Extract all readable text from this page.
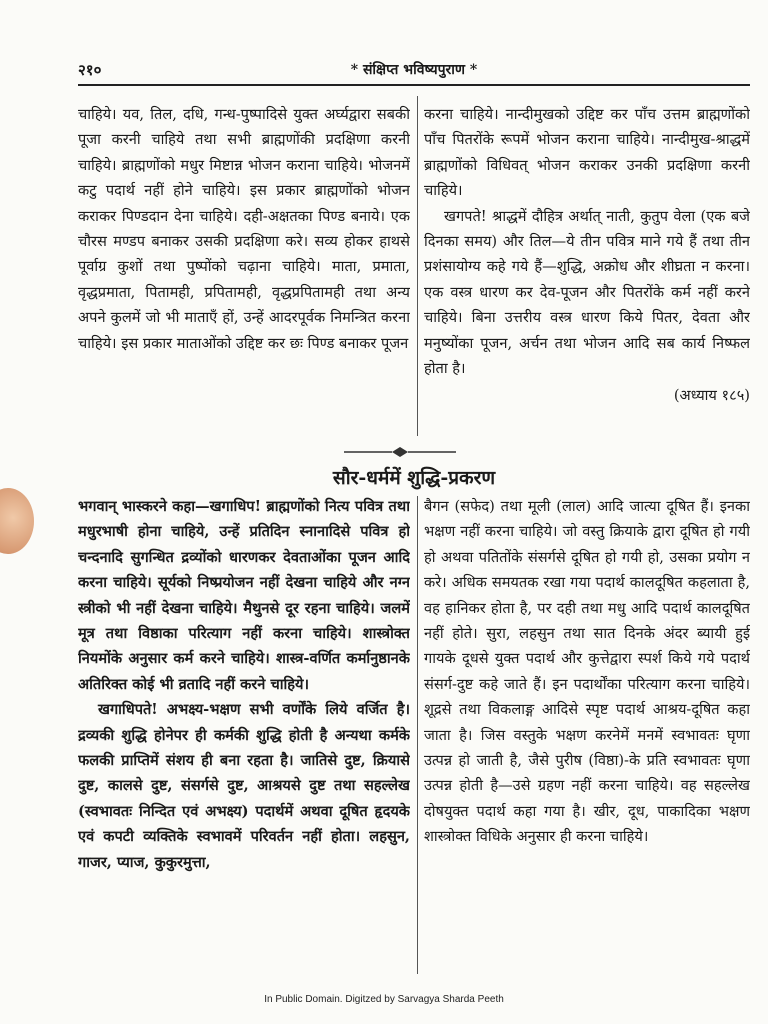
२१०	* संक्षिप्त भविष्यपुराण *

चाहिये। यव, तिल, दधि, गन्ध-पुष्पादिसे युक्त अर्घ्यद्वारा सबकी पूजा करनी चाहिये तथा सभी ब्राह्मणोंकी प्रदक्षिणा करनी चाहिये। ब्राह्मणोंको मधुर मिष्टान्न भोजन कराना चाहिये। भोजनमें कटु पदार्थ नहीं होने चाहिये। इस प्रकार ब्राह्मणोंको भोजन कराकर पिण्डदान देना चाहिये। दही-अक्षतका पिण्ड बनाये। एक चौरस मण्डप बनाकर उसकी प्रदक्षिणा करे। सव्य होकर हाथसे पूर्वाग्र कुशों तथा पुष्पोंको चढ़ाना चाहिये। माता, प्रमाता, वृद्धप्रमाता, पितामही, प्रपितामही, वृद्धप्रपितामही तथा अन्य अपने कुलमें जो भी माताएँ हों, उन्हें आदरपूर्वक निमन्त्रित करना चाहिये। इस प्रकार माताओंको उद्दिष्ट कर छः पिण्ड बनाकर पूजन

करना चाहिये। नान्दीमुखको उद्दिष्ट कर पाँच उत्तम ब्राह्मणोंको पाँच पितरोंके रूपमें भोजन कराना चाहिये। नान्दीमुख-श्राद्धमें ब्राह्मणोंको विधिवत् भोजन कराकर उनकी प्रदक्षिणा करनी चाहिये।

खगपते! श्राद्धमें दौहित्र अर्थात् नाती, कुतुप वेला (एक बजे दिनका समय) और तिल—ये तीन पवित्र माने गये हैं तथा तीन प्रशंसायोग्य कहे गये हैं—शुद्धि, अक्रोध और शीघ्रता न करना। एक वस्त्र धारण कर देव-पूजन और पितरोंके कर्म नहीं करने चाहिये। बिना उत्तरीय वस्त्र धारण किये पितर, देवता और मनुष्योंका पूजन, अर्चन तथा भोजन आदि सब कार्य निष्फल होता है।

(अध्याय १८५)
सौर-धर्ममें शुद्धि-प्रकरण

भगवान् भास्करने कहा—खगाधिप! ब्राह्मणोंको नित्य पवित्र तथा मधुरभाषी होना चाहिये, उन्हें प्रतिदिन स्नानादिसे पवित्र हो चन्दनादि सुगन्धित द्रव्योंको धारणकर देवताओंका पूजन आदि करना चाहिये। सूर्यको निष्प्रयोजन नहीं देखना चाहिये और नग्न स्त्रीको भी नहीं देखना चाहिये। मैथुनसे दूर रहना चाहिये। जलमें मूत्र तथा विष्ठाका परित्याग नहीं करना चाहिये। शास्त्रोक्त नियमोंके अनुसार कर्म करने चाहिये। शास्त्र-वर्णित कर्मानुष्ठानके अतिरिक्त कोई भी व्रतादि नहीं करने चाहिये।

खगाधिपते! अभक्ष्य-भक्षण सभी वर्णोंके लिये वर्जित है। द्रव्यकी शुद्धि होनेपर ही कर्मकी शुद्धि होती है अन्यथा कर्मके फलकी प्राप्तिमें संशय ही बना रहता है। जातिसे दुष्ट, क्रियासे दुष्ट, कालसे दुष्ट, संसर्गसे दुष्ट, आश्रयसे दुष्ट तथा सहल्लेख (स्वभावतः निन्दित एवं अभक्ष्य) पदार्थमें अथवा दूषित हृदयके एवं कपटी व्यक्तिके स्वभावमें परिवर्तन नहीं होता। लहसुन, गाजर, प्याज, कुकुरमुत्ता,

बैगन (सफेद) तथा मूली (लाल) आदि जात्या दूषित हैं। इनका भक्षण नहीं करना चाहिये। जो वस्तु क्रियाके द्वारा दूषित हो गयी हो अथवा पतितोंके संसर्गसे दूषित हो गयी हो, उसका प्रयोग न करे। अधिक समयतक रखा गया पदार्थ कालदूषित कहलाता है, वह हानिकर होता है, पर दही तथा मधु आदि पदार्थ कालदूषित नहीं होते। सुरा, लहसुन तथा सात दिनके अंदर ब्यायी हुई गायके दूधसे युक्त पदार्थ और कुत्तेद्वारा स्पर्श किये गये पदार्थ संसर्ग-दुष्ट कहे जाते हैं। इन पदार्थोंका परित्याग करना चाहिये। शूद्रसे तथा विकलाङ्ग आदिसे स्पृष्ट पदार्थ आश्रय-दूषित कहा जाता है। जिस वस्तुके भक्षण करनेमें मनमें स्वभावतः घृणा उत्पन्न हो जाती है, जैसे पुरीष (विष्ठा)-के प्रति स्वभावतः घृणा उत्पन्न होती है—उसे ग्रहण नहीं करना चाहिये। वह सहल्लेख दोषयुक्त पदार्थ कहा गया है। खीर, दूध, पाकादिका भक्षण शास्त्रोक्त विधिके अनुसार ही करना चाहिये।

In Public Domain. Digitzed by Sarvagya Sharda Peeth
